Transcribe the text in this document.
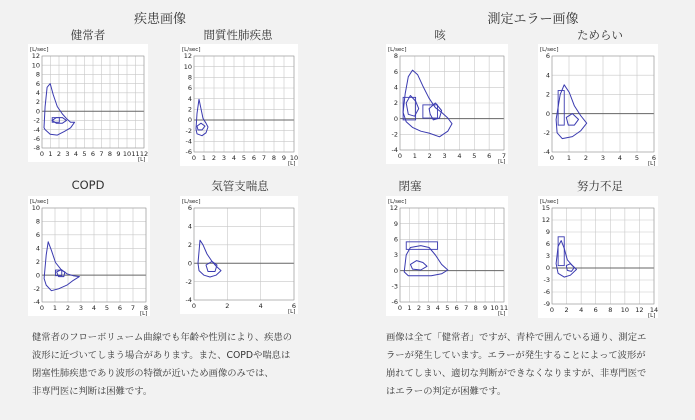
疾患画像	測定エラー画像
健常者	間質性肺疾患
COPD	気管支喘息
咳	ためらい
閉塞	努力不足
[L/sec]
[L]
0 1 2 3 4 5 6 7 8 9 10 11 12
12
10
8
6
4
2
0
-2
-4
-6
-8
[L/sec]
[L]
0 1 2 3 4 5 6 7 8 9 10
12
10
8
6
4
2
0
-2
-4
-6
[L/sec]
[L]
0 1 2 3 4 5 6 7 8
10
8
6
4
2
0
-2
-4
[L/sec]
[L]
0	2	4	6
6
4
2
0
-2
-4
[L/sec]
[L]
0 1 2 3 4 5 6 7
8
6
4
2
0
-2
-4
[L/sec]
[L]
0 1 2 3 4 5 6
6
4
2
0
-2
-4
[L/sec]
[L]
0 1 2 3 4 5 6 7 8 9 10 11
12
9
6
3
0
-3
-6
[L/sec]
[L]
0 2 4 6 8 10 12 14
15
12
9
6
3
0
-3
-6
-9
健常者のフローボリューム曲線でも年齢や性別により、疾患の
波形に近づいてしまう場合があります。また、COPDや喘息は
閉塞性肺疾患であり波形の特徴が近いため画像のみでは、
非専門医に判断は困難です。
画像は全て「健常者」ですが、青枠で囲んでいる通り、測定エ
ラーが発生しています。エラーが発生することによって波形が
崩れてしまい、適切な判断ができなくなりますが、非専門医で
はエラーの判定が困難です。
